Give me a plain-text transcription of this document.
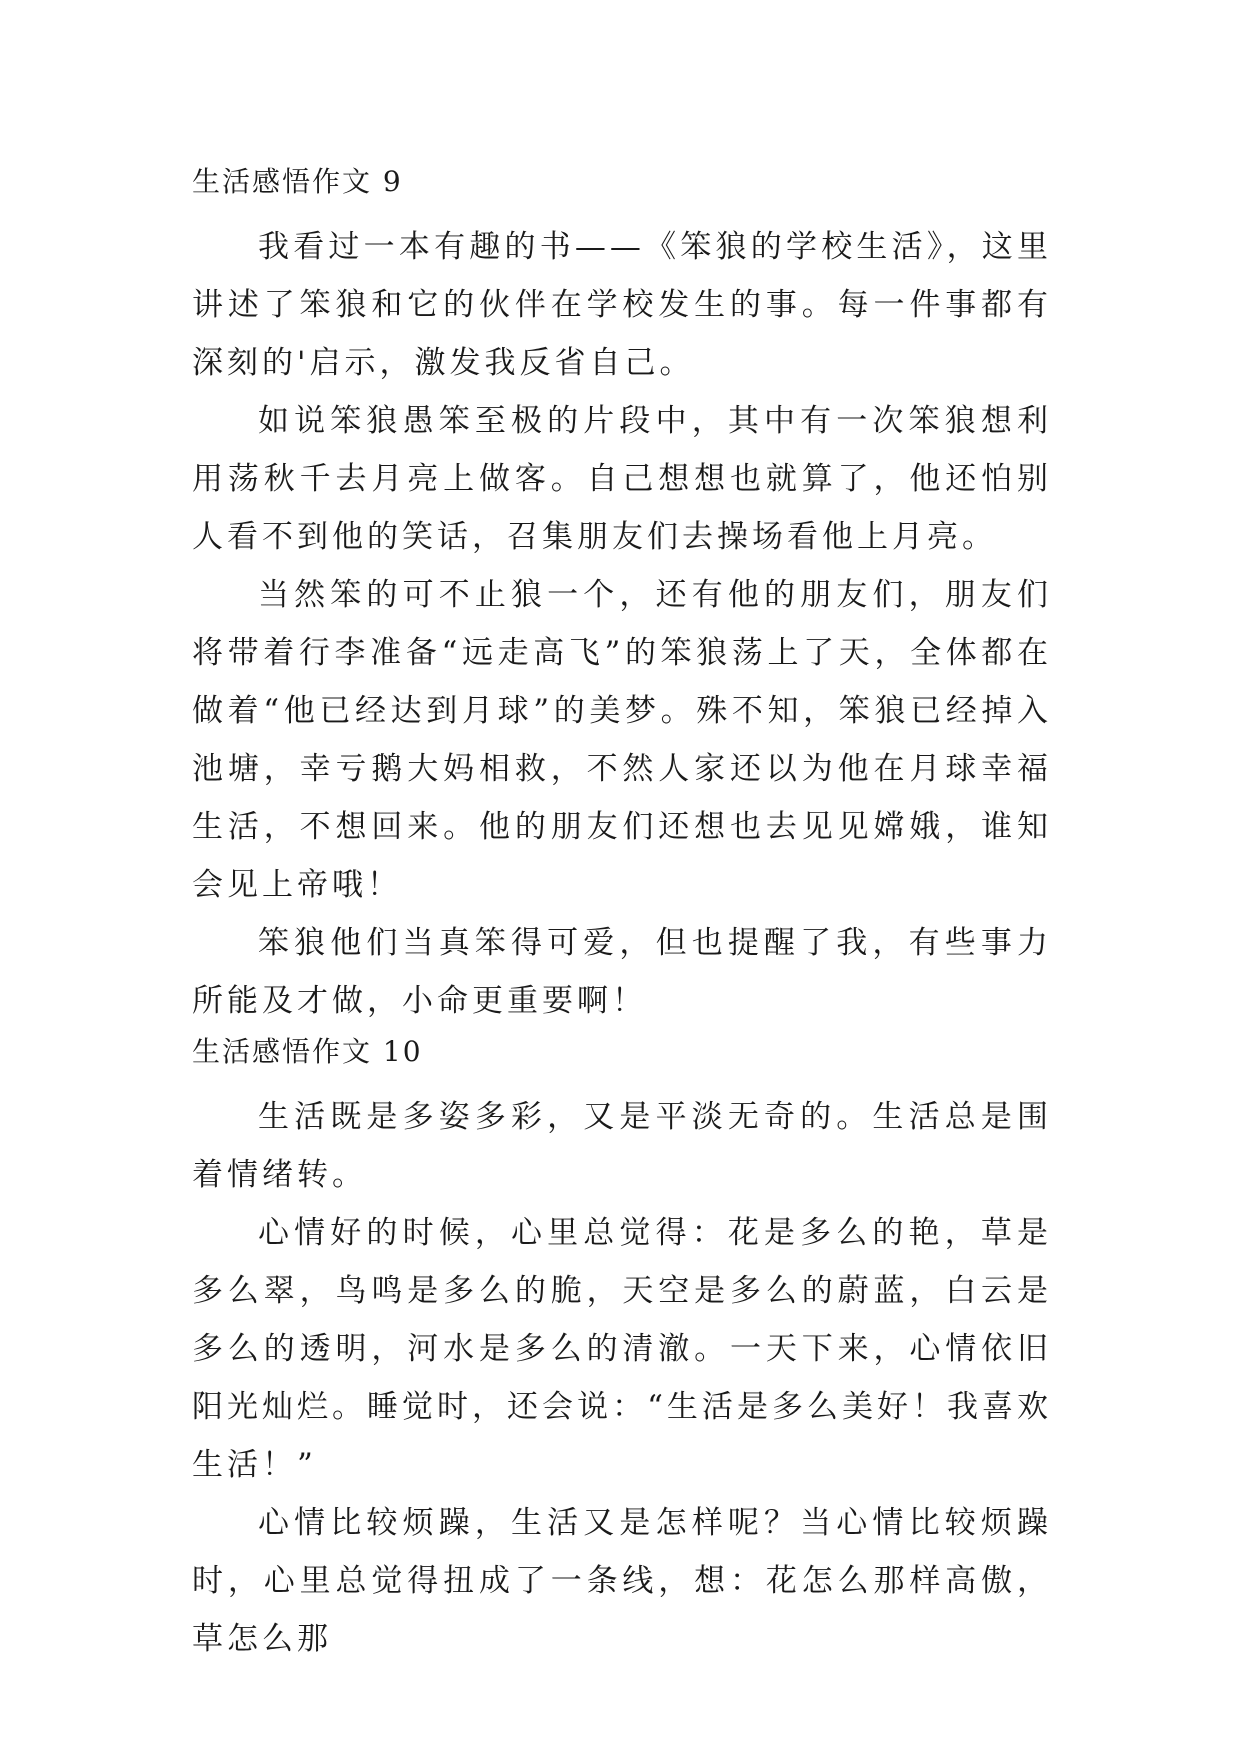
生活感悟作文 9

我看过一本有趣的书——《笨狼的学校生活》，这里讲述了笨狼和它的伙伴在学校发生的事。每一件事都有深刻的'启示，激发我反省自己。

如说笨狼愚笨至极的片段中，其中有一次笨狼想利用荡秋千去月亮上做客。自己想想也就算了，他还怕别人看不到他的笑话，召集朋友们去操场看他上月亮。

当然笨的可不止狼一个，还有他的朋友们，朋友们将带着行李准备“远走高飞”的笨狼荡上了天，全体都在做着“他已经达到月球”的美梦。殊不知，笨狼已经掉入池塘，幸亏鹅大妈相救，不然人家还以为他在月球幸福生活，不想回来。他的朋友们还想也去见见嫦娥，谁知会见上帝哦！

笨狼他们当真笨得可爱，但也提醒了我，有些事力所能及才做，小命更重要啊！

生活感悟作文 10

生活既是多姿多彩，又是平淡无奇的。生活总是围着情绪转。

心情好的时候，心里总觉得：花是多么的艳，草是多么翠，鸟鸣是多么的脆，天空是多么的蔚蓝，白云是多么的透明，河水是多么的清澈。一天下来，心情依旧阳光灿烂。睡觉时，还会说：“生活是多么美好！我喜欢生活！”

心情比较烦躁，生活又是怎样呢？当心情比较烦躁时，心里总觉得扭成了一条线，想：花怎么那样高傲，草怎么那
